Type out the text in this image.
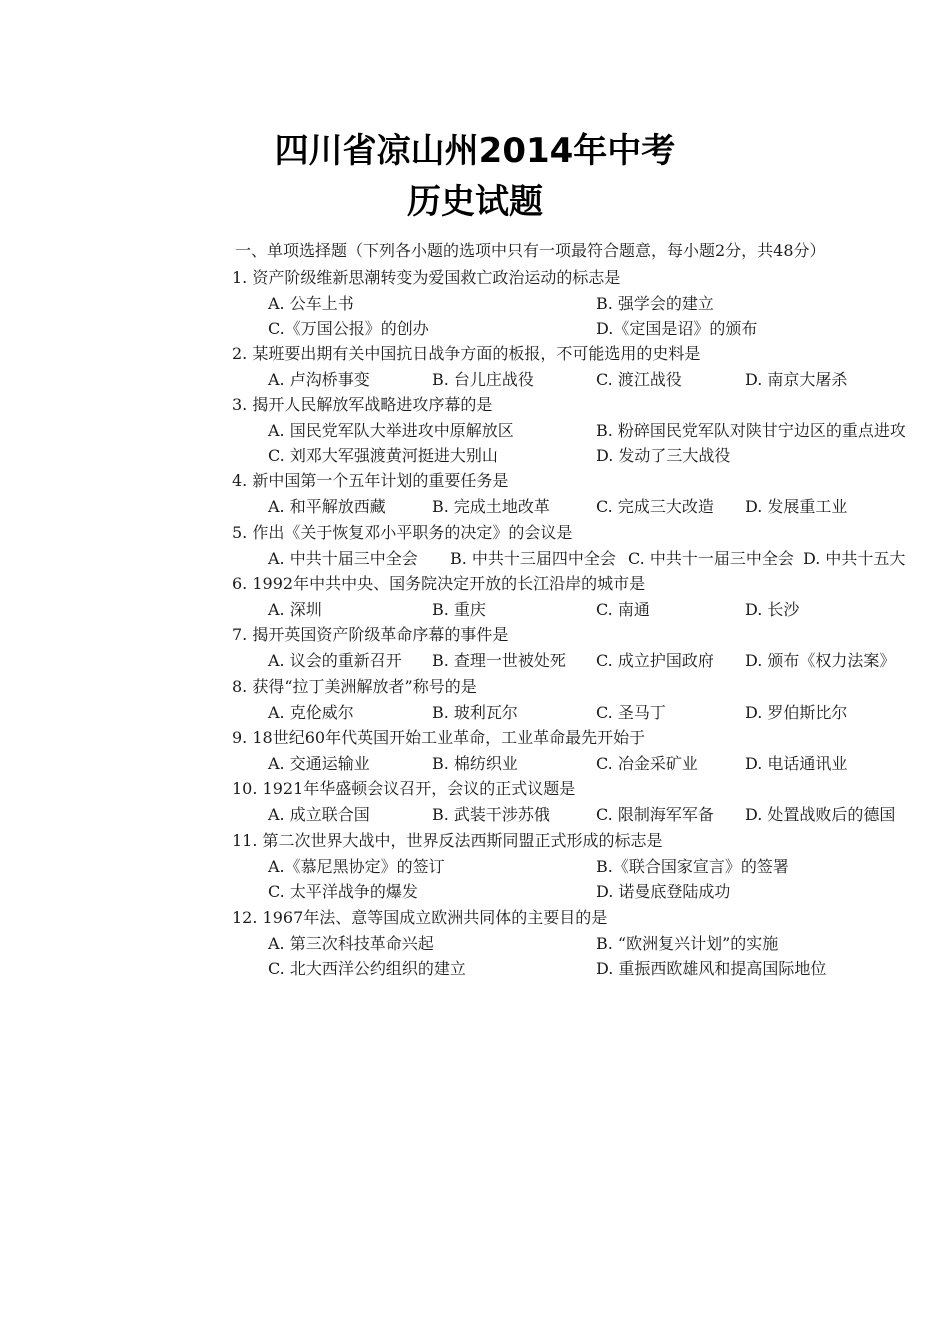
四川省凉山州2014年中考
历史试题
一、单项选择题（下列各小题的选项中只有一项最符合题意，每小题2分，共48分）
1. 资产阶级维新思潮转变为爱国救亡政治运动的标志是
A. 公车上书	B. 强学会的建立
C.《万国公报》的创办	D.《定国是诏》的颁布
2. 某班要出期有关中国抗日战争方面的板报，不可能选用的史料是
A. 卢沟桥事变	B. 台儿庄战役	C. 渡江战役	D. 南京大屠杀
3. 揭开人民解放军战略进攻序幕的是
A. 国民党军队大举进攻中原解放区	B. 粉碎国民党军队对陕甘宁边区的重点进攻
C. 刘邓大军强渡黄河挺进大别山	D. 发动了三大战役
4. 新中国第一个五年计划的重要任务是
A. 和平解放西藏	B. 完成土地改革	C. 完成三大改造 D. 发展重工业
5. 作出《关于恢复邓小平职务的决定》的会议是
A. 中共十届三中全会 B. 中共十三届四中全会 C. 中共十一届三中全会 D. 中共十五大
6. 1992年中共中央、国务院决定开放的长江沿岸的城市是
A. 深圳	B. 重庆	C. 南通	D. 长沙
7. 揭开英国资产阶级革命序幕的事件是
A. 议会的重新召开 B. 查理一世被处死 C. 成立护国政府 D. 颁布《权力法案》
8. 获得“拉丁美洲解放者”称号的是
A. 克伦威尔	B. 玻利瓦尔	C. 圣马丁	D. 罗伯斯比尔
9. 18世纪60年代英国开始工业革命，工业革命最先开始于
A. 交通运输业	B. 棉纺织业	C. 冶金采矿业	D. 电话通讯业
10. 1921年华盛顿会议召开，会议的正式议题是
A. 成立联合国	B. 武装干涉苏俄	C. 限制海军军备 D. 处置战败后的德国
11. 第二次世界大战中，世界反法西斯同盟正式形成的标志是
A.《慕尼黑协定》的签订	B.《联合国家宣言》的签署
C. 太平洋战争的爆发	D. 诺曼底登陆成功
12. 1967年法、意等国成立欧洲共同体的主要目的是
A. 第三次科技革命兴起	B. “欧洲复兴计划”的实施
C. 北大西洋公约组织的建立	D. 重振西欧雄风和提高国际地位
